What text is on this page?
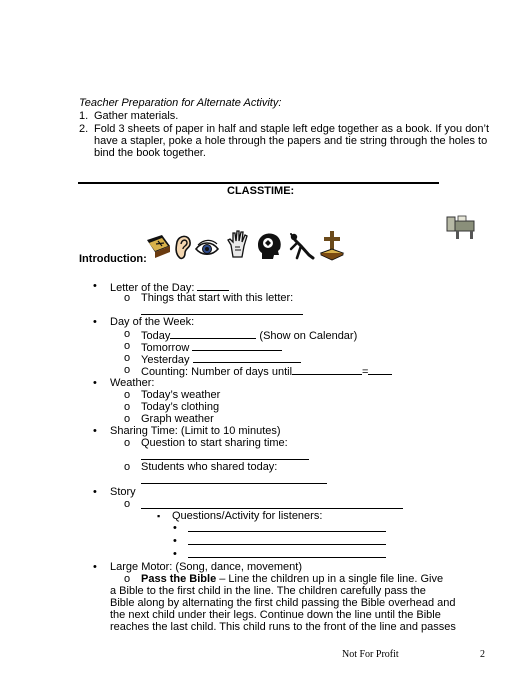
Teacher Preparation for Alternate Activity:
1. Gather materials.
2. Fold 3 sheets of paper in half and staple left edge together as a book. If you don’t
have a stapler, poke a hole through the papers and tie string through the holes to
bind the book together.
CLASSTIME:
Introduction:
• Letter of the Day:
o Things that start with this letter:
• Day of the Week:
o Today	(Show on Calendar)
o Tomorrow
o Yesterday
o Counting: Number of days until	=
• Weather:
o Today’s weather
o Today’s clothing
o Graph weather
• Sharing Time: (Limit to 10 minutes)
o Question to start sharing time:
o Students who shared today:
• Story
o
▪ Questions/Activity for listeners:
•
•
•
• Large Motor: (Song, dance, movement)
o Pass the Bible – Line the children up in a single file line. Give
a Bible to the first child in the line. The children carefully pass the
Bible along by alternating the first child passing the Bible overhead and
the next child under their legs. Continue down the line until the Bible
reaches the last child. This child runs to the front of the line and passes
Not For Profit	2
